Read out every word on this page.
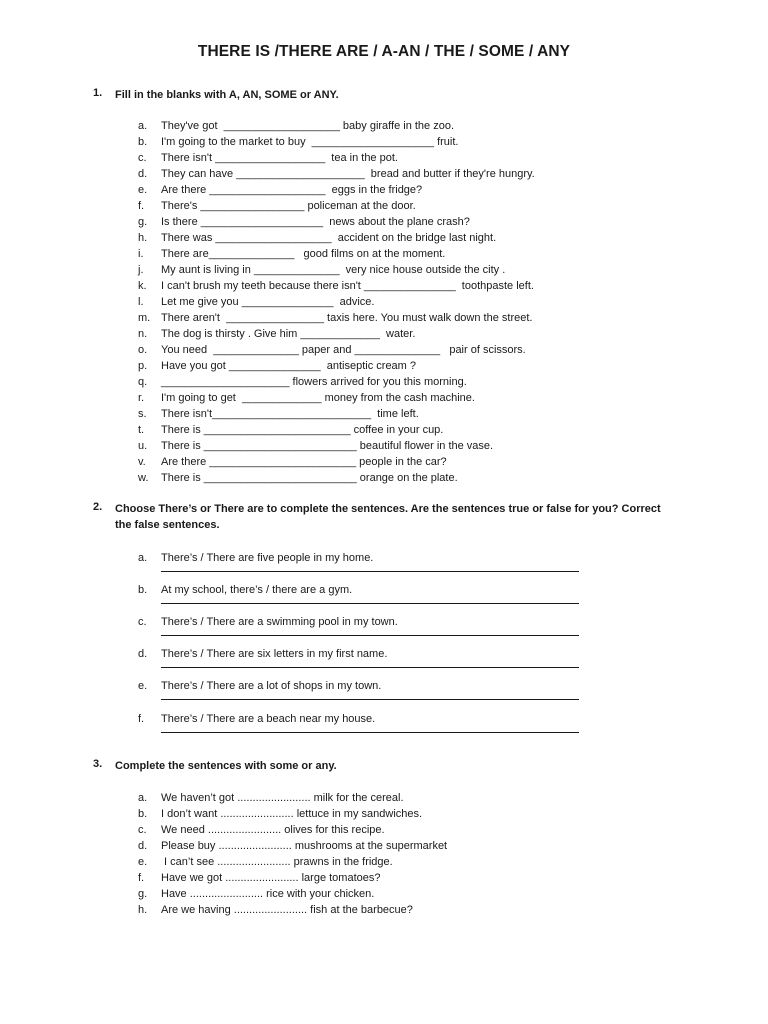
THERE IS /THERE ARE / A-AN / THE / SOME / ANY
1. Fill in the blanks with A, AN, SOME or ANY.
a. They've got  ___________________ baby giraffe in the zoo.
b. I'm going to the market to buy  ____________________ fruit.
c. There isn't __________________  tea in the pot.
d. They can have _____________________  bread and butter if they're hungry.
e. Are there ___________________  eggs in the fridge?
f. There's _________________ policeman at the door.
g. Is there ____________________  news about the plane crash?
h. There was ___________________  accident on the bridge last night.
i. There are______________   good films on at the moment.
j. My aunt is living in ______________  very nice house outside the city .
k. I can't brush my teeth because there isn't _______________  toothpaste left.
l. Let me give you _______________  advice.
m. There aren't  ________________ taxis here. You must walk down the street.
n. The dog is thirsty . Give him _____________  water.
o. You need  ______________ paper and ______________   pair of scissors.
p. Have you got _______________  antiseptic cream ?
q. _____________________ flowers arrived for you this morning.
r. I'm going to get  _____________ money from the cash machine.
s. There isn't__________________________  time left.
t. There is ________________________ coffee in your cup.
u. There is _________________________ beautiful flower in the vase.
v. Are there ________________________ people in the car?
w. There is _________________________ orange on the plate.
2. Choose There’s or There are to complete the sentences. Are the sentences true or false for you? Correct the false sentences.
a. There’s / There are five people in my home.
b. At my school, there’s / there are a gym.
c. There’s / There are a swimming pool in my town.
d. There’s / There are six letters in my first name.
e. There’s / There are a lot of shops in my town.
f. There’s / There are a beach near my house.
3. Complete the sentences with some or any.
a. We haven’t got ........................ milk for the cereal.
b. I don’t want ........................ lettuce in my sandwiches.
c. We need ........................ olives for this recipe.
d. Please buy ........................ mushrooms at the supermarket
e. I can’t see ........................ prawns in the fridge.
f. Have we got ........................ large tomatoes?
g. Have ........................ rice with your chicken.
h. Are we having ........................ fish at the barbecue?
